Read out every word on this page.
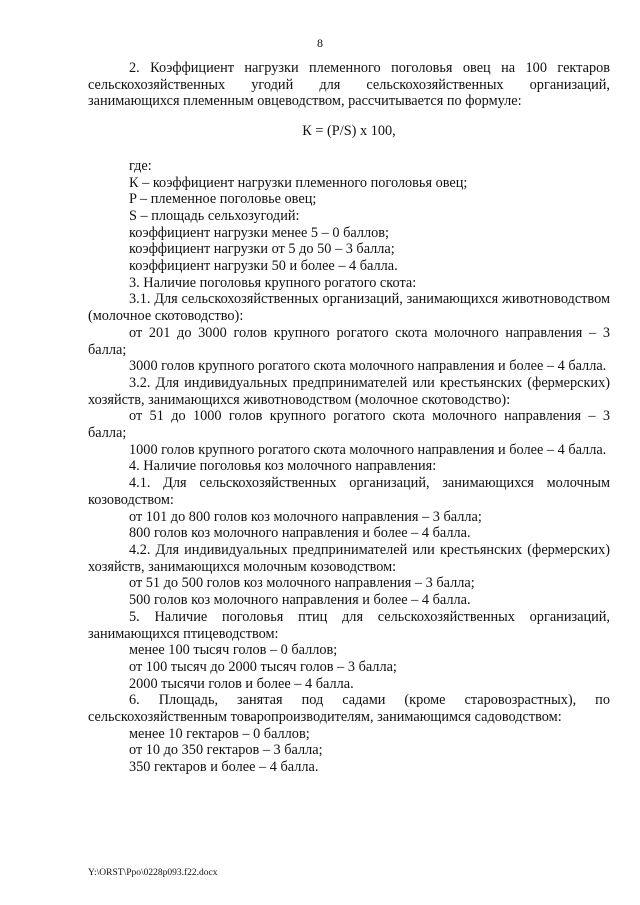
8

2. Коэффициент нагрузки племенного поголовья овец на 100 гектаров сельскохозяйственных угодий для сельскохозяйственных организаций, занимающихся племенным овцеводством, рассчитывается по формуле:

К = (P/S) х 100,

где:

К – коэффициент нагрузки племенного поголовья овец;

P – племенное поголовье овец;

S – площадь сельхозугодий:

коэффициент нагрузки менее 5 – 0 баллов;

коэффициент нагрузки от 5 до 50 – 3 балла;

коэффициент нагрузки 50 и более – 4 балла.

3. Наличие поголовья крупного рогатого скота:

3.1. Для сельскохозяйственных организаций, занимающихся животноводством (молочное скотоводство):

от 201 до 3000 голов крупного рогатого скота молочного направления – 3 балла;

3000 голов крупного рогатого скота молочного направления и более – 4 балла.

3.2. Для индивидуальных предпринимателей или крестьянских (фермерских) хозяйств, занимающихся животноводством (молочное скотоводство):

от 51 до 1000 голов крупного рогатого скота молочного направления – 3 балла;

1000 голов крупного рогатого скота молочного направления и более – 4 балла.

4. Наличие поголовья коз молочного направления:

4.1. Для сельскохозяйственных организаций, занимающихся молочным козоводством:

от 101 до 800 голов коз молочного направления – 3 балла;

800 голов коз молочного направления и более – 4 балла.

4.2. Для индивидуальных предпринимателей или крестьянских (фермерских) хозяйств, занимающихся молочным козоводством:

от 51 до 500 голов коз молочного направления – 3 балла;

500 голов коз молочного направления и более – 4 балла.

5. Наличие поголовья птиц для сельскохозяйственных организаций, занимающихся птицеводством:

менее 100 тысяч голов – 0 баллов;

от 100 тысяч до 2000 тысяч голов – 3 балла;

2000 тысячи голов и более – 4 балла.

6. Площадь, занятая под садами (кроме старовозрастных), по сельскохозяйственным товаропроизводителям, занимающимся садоводством:

менее 10 гектаров – 0 баллов;

от 10 до 350 гектаров – 3 балла;

350 гектаров и более – 4 балла.

Y:\ORST\Ppo\0228p093.f22.docx
